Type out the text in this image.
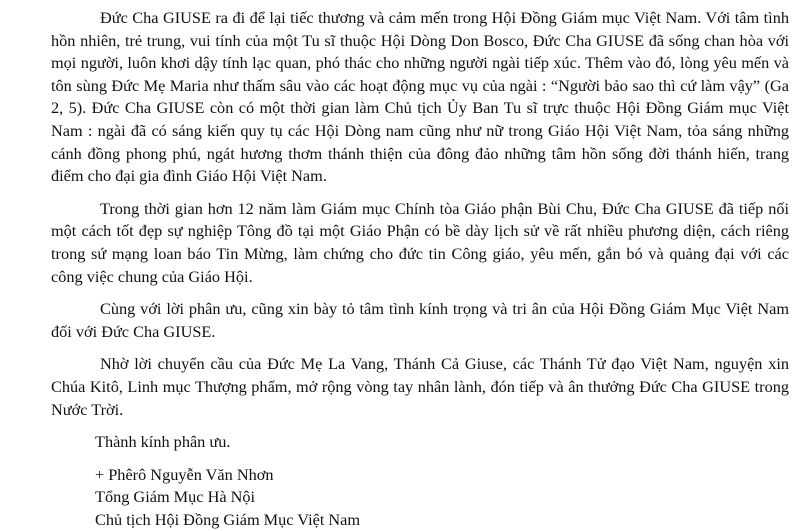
Đức Cha GIUSE ra đi để lại tiếc thương và cảm mến trong Hội Đồng Giám mục Việt Nam. Với tâm tình hồn nhiên, trẻ trung, vui tính của một Tu sĩ thuộc Hội Dòng Don Bosco, Đức Cha GIUSE đã sống chan hòa với mọi người, luôn khơi dậy tính lạc quan, phó thác cho những người ngài tiếp xúc. Thêm vào đó, lòng yêu mến và tôn sùng Đức Mẹ Maria như thấm sâu vào các hoạt động mục vụ của ngài : “Người bảo sao thì cứ làm vậy” (Ga 2, 5). Đức Cha GIUSE còn có một thời gian làm Chủ tịch Ủy Ban Tu sĩ trực thuộc Hội Đồng Giám mục Việt Nam : ngài đã có sáng kiến quy tụ các Hội Dòng nam cũng như nữ trong Giáo Hội Việt Nam, tỏa sáng những cánh đồng phong phú, ngát hương thơm thánh thiện của đông đảo những tâm hồn sống đời thánh hiến, trang điểm cho đại gia đình Giáo Hội Việt Nam.

Trong thời gian hơn 12 năm làm Giám mục Chính tòa Giáo phận Bùi Chu, Đức Cha GIUSE đã tiếp nối một cách tốt đẹp sự nghiệp Tông đồ tại một Giáo Phận có bề dày lịch sử về rất nhiều phương diện, cách riêng trong sứ mạng loan báo Tin Mừng, làm chứng cho đức tin Công giáo, yêu mến, gắn bó và quảng đại với các công việc chung của Giáo Hội.

Cùng với lời phân ưu, cũng xin bày tỏ tâm tình kính trọng và tri ân của Hội Đồng Giám Mục Việt Nam đối với Đức Cha GIUSE.

Nhờ lời chuyển cầu của Đức Mẹ La Vang, Thánh Cả Giuse, các Thánh Tử đạo Việt Nam, nguyện xin Chúa Kitô, Linh mục Thượng phẩm, mở rộng vòng tay nhân lành, đón tiếp và ân thưởng Đức Cha GIUSE trong Nước Trời.

Thành kính phân ưu.

+ Phêrô Nguyễn Văn Nhơn
Tổng Giám Mục Hà Nội
Chủ tịch Hội Đồng Giám Mục Việt Nam
